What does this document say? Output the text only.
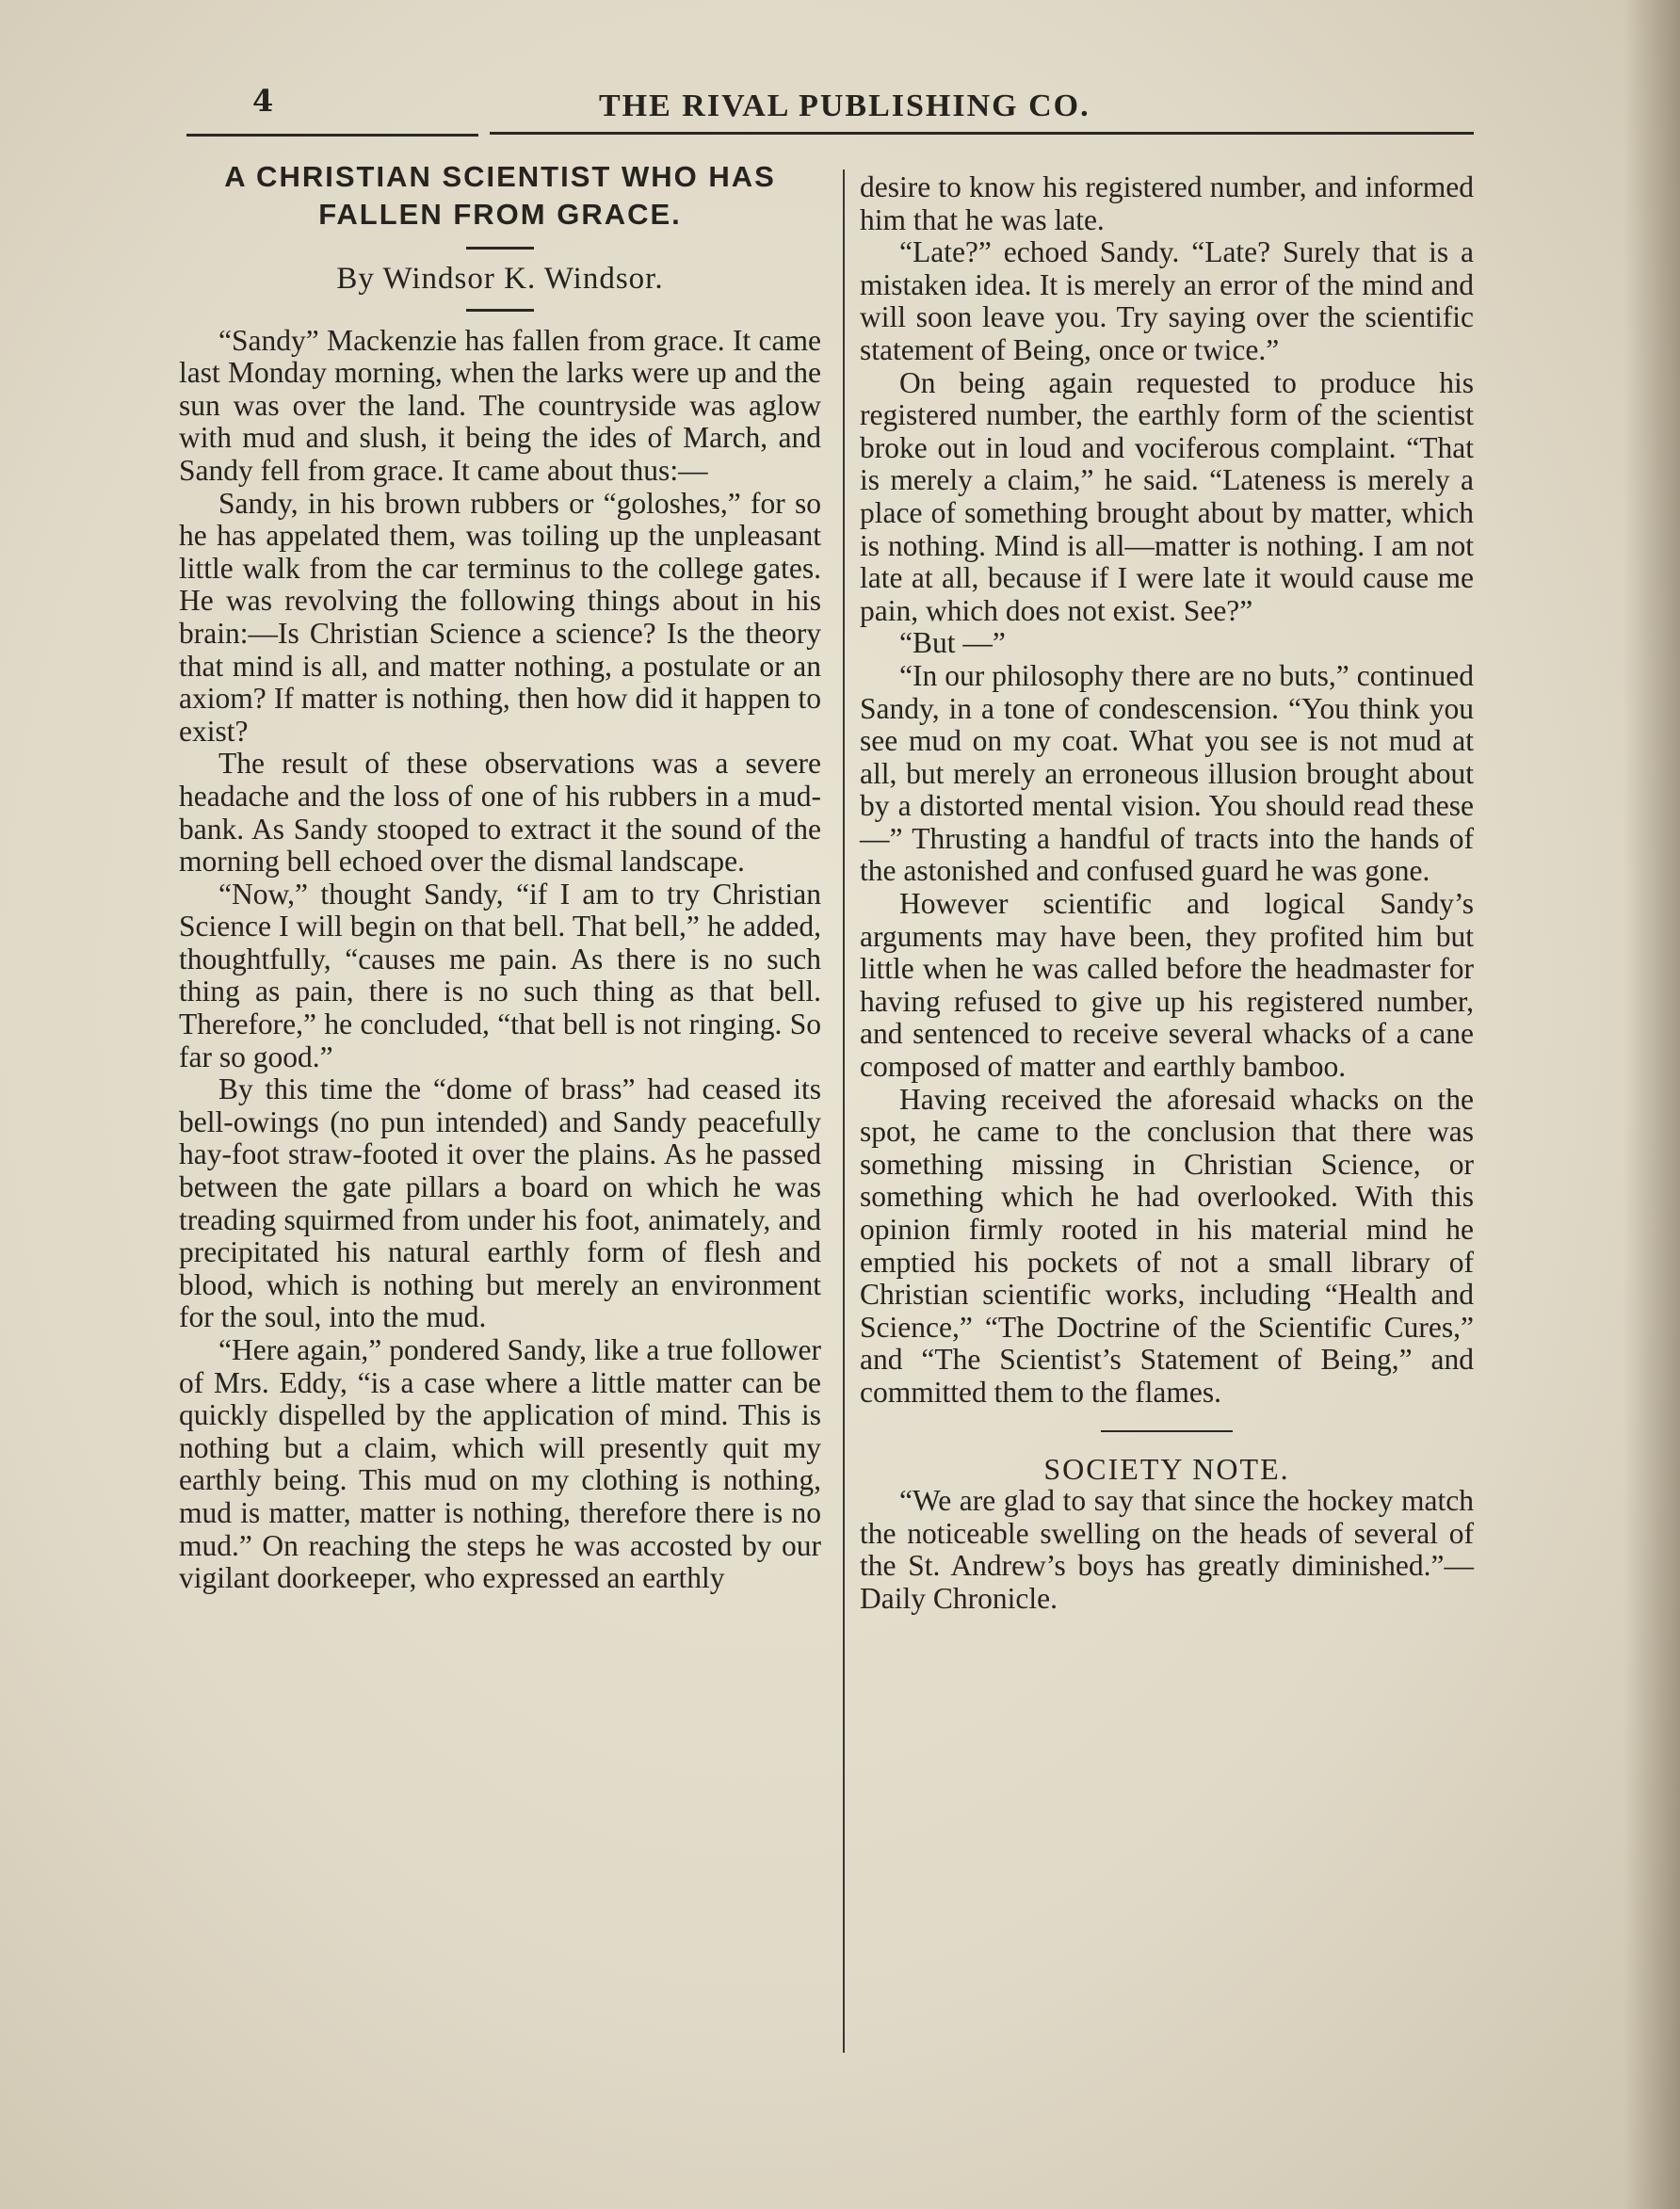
4	THE RIVAL PUBLISHING CO.

A CHRISTIAN SCIENTIST WHO HAS

FALLEN FROM GRACE.

By Windsor K. Windsor.

“Sandy” Mackenzie has fallen from grace. It came last Monday morning, when the larks were up and the sun was over the land. The countryside was aglow with mud and slush, it being the ides of March, and Sandy fell from grace. It came about thus:—

Sandy, in his brown rubbers or “goloshes,” for so he has appelated them, was toiling up the unpleasant little walk from the car terminus to the college gates. He was revolving the following things about in his brain:—Is Christian Science a science? Is the theory that mind is all, and matter nothing, a postulate or an axiom? If matter is nothing, then how did it happen to exist?

The result of these observations was a severe headache and the loss of one of his rubbers in a mud-bank. As Sandy stooped to extract it the sound of the morning bell echoed over the dismal landscape.

“Now,” thought Sandy, “if I am to try Christian Science I will begin on that bell. That bell,” he added, thoughtfully, “causes me pain. As there is no such thing as pain, there is no such thing as that bell. Therefore,” he concluded, “that bell is not ringing. So far so good.”

By this time the “dome of brass” had ceased its bell-owings (no pun intended) and Sandy peacefully hay-foot straw-footed it over the plains. As he passed between the gate pillars a board on which he was treading squirmed from under his foot, animately, and precipitated his natural earthly form of flesh and blood, which is nothing but merely an environment for the soul, into the mud.

“Here again,” pondered Sandy, like a true follower of Mrs. Eddy, “is a case where a little matter can be quickly dispelled by the application of mind. This is nothing but a claim, which will presently quit my earthly being. This mud on my clothing is nothing, mud is matter, matter is nothing, therefore there is no mud.” On reaching the steps he was accosted by our vigilant doorkeeper, who expressed an earthly

desire to know his registered number, and informed him that he was late.

“Late?” echoed Sandy. “Late? Surely that is a mistaken idea. It is merely an error of the mind and will soon leave you. Try saying over the scientific statement of Being, once or twice.”

On being again requested to produce his registered number, the earthly form of the scientist broke out in loud and vociferous complaint. “That is merely a claim,” he said. “Lateness is merely a place of something brought about by matter, which is nothing. Mind is all—matter is nothing. I am not late at all, because if I were late it would cause me pain, which does not exist. See?”

“But —”

“In our philosophy there are no buts,” continued Sandy, in a tone of condescension. “You think you see mud on my coat. What you see is not mud at all, but merely an erroneous illusion brought about by a distorted mental vision. You should read these —” Thrusting a handful of tracts into the hands of the astonished and confused guard he was gone.

However scientific and logical Sandy’s arguments may have been, they profited him but little when he was called before the headmaster for having refused to give up his registered number, and sentenced to receive several whacks of a cane composed of matter and earthly bamboo.

Having received the aforesaid whacks on the spot, he came to the conclusion that there was something missing in Christian Science, or something which he had overlooked. With this opinion firmly rooted in his material mind he emptied his pockets of not a small library of Christian scientific works, including “Health and Science,” “The Doctrine of the Scientific Cures,” and “The Scientist’s Statement of Being,” and committed them to the flames.

SOCIETY NOTE.

“We are glad to say that since the hockey match the noticeable swelling on the heads of several of the St. Andrew’s boys has greatly diminished.”—Daily Chronicle.
